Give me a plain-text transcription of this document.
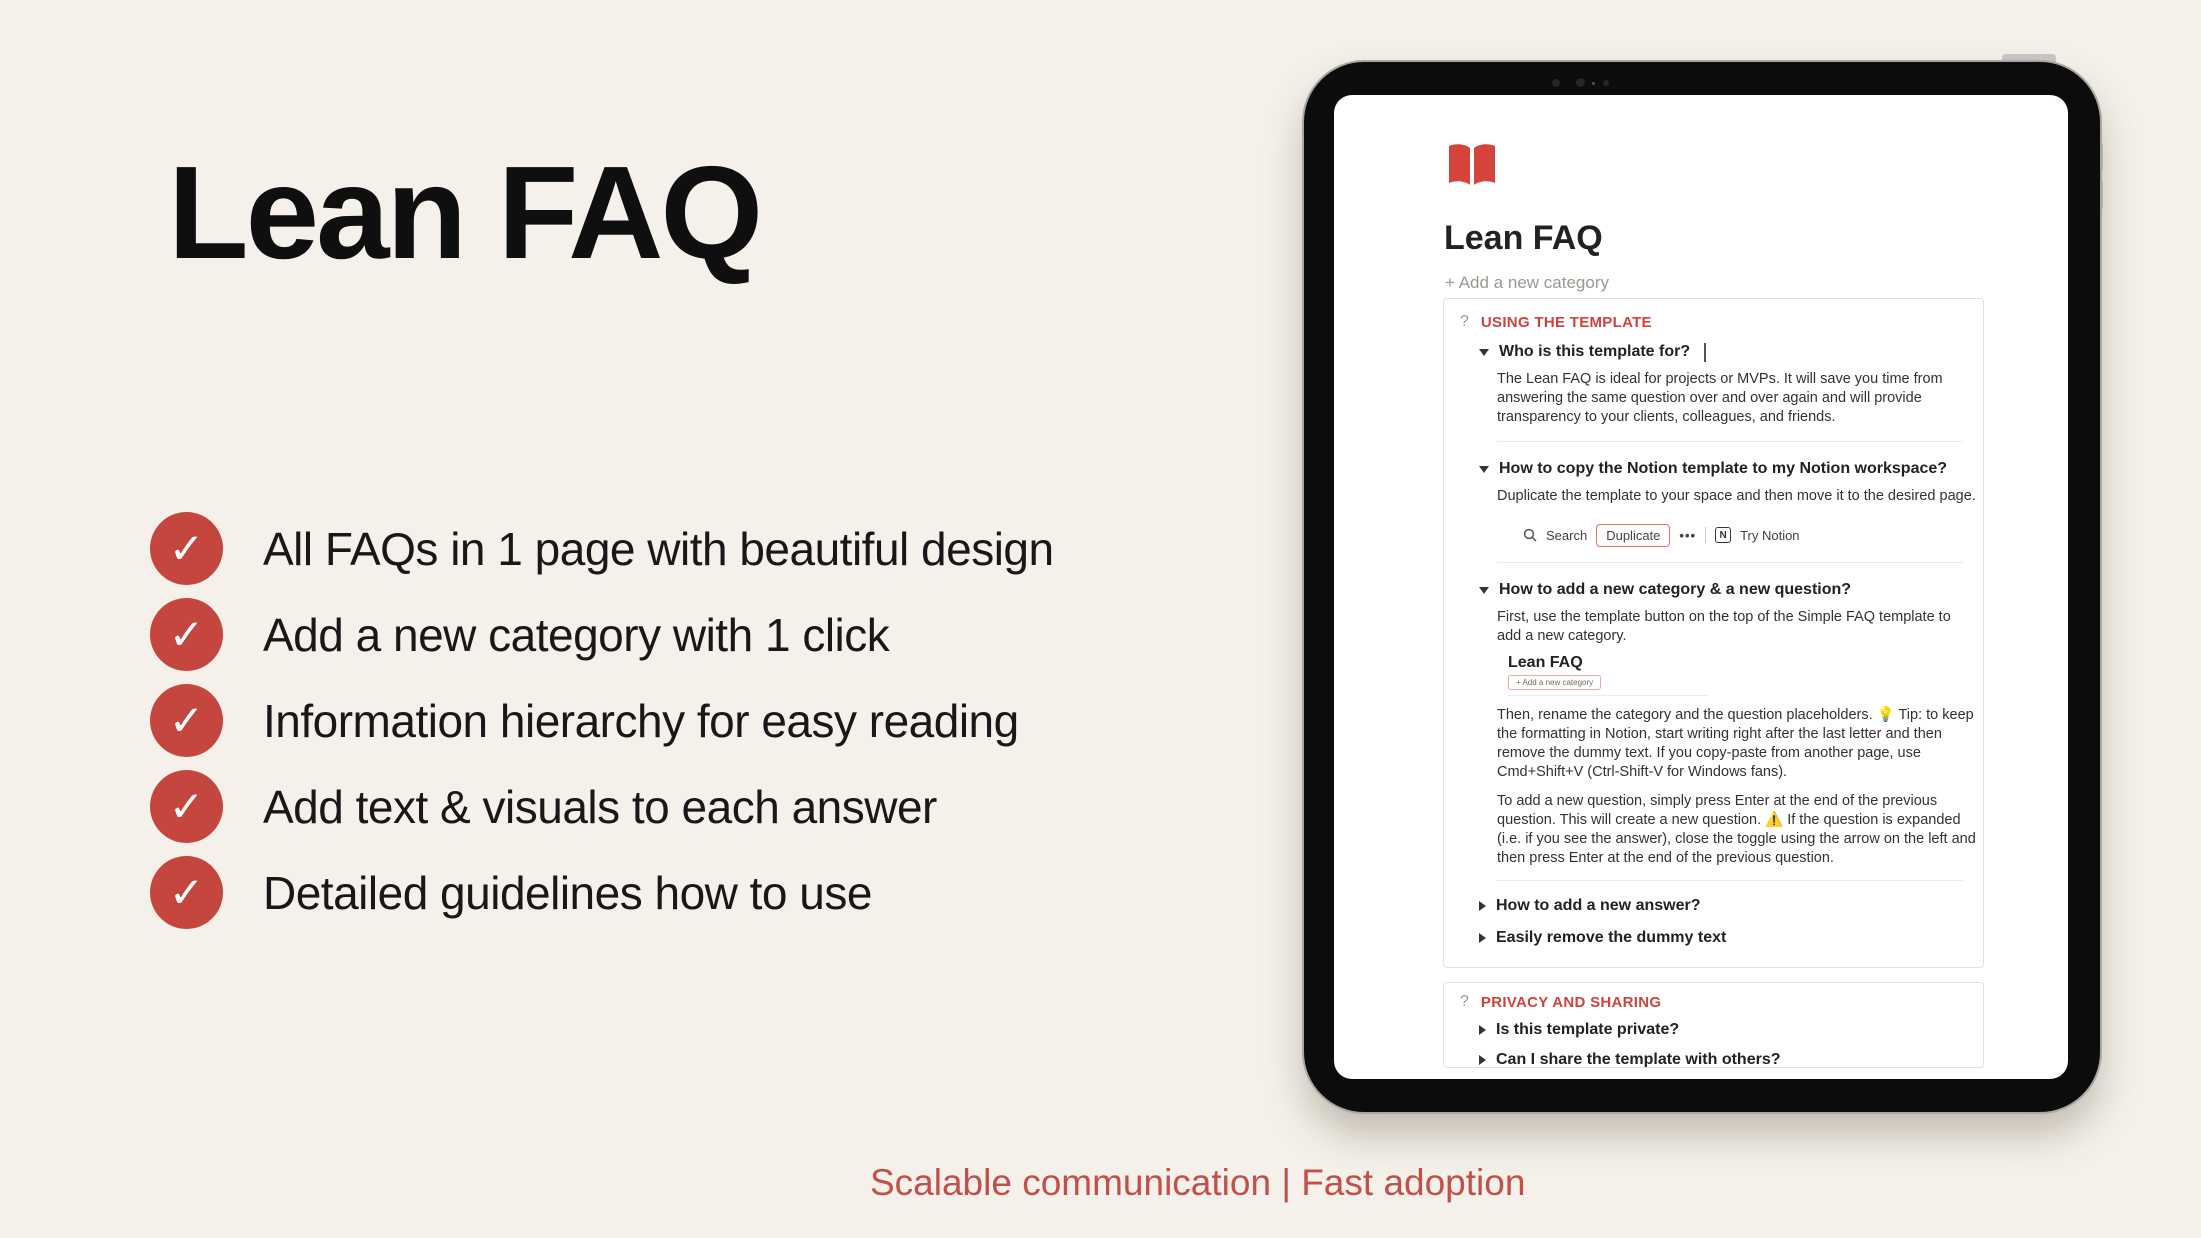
Lean FAQ
✓	All FAQs in 1 page with beautiful design
✓	Add a new category with 1 click
✓	Information hierarchy for easy reading
✓	Add text & visuals to each answer
✓	Detailed guidelines how to use
Scalable communication | Fast adoption
Lean FAQ
+ Add a new category
? USING THE TEMPLATE
Who is this template for?

The Lean FAQ is ideal for projects or MVPs. It will save you time from answering the same question over and over again and will provide transparency to your clients, colleagues, and friends.

How to copy the Notion template to my Notion workspace?

Duplicate the template to your space and then move it to the desired page.

Search	Duplicate	•••	N	Try Notion
How to add a new category & a new question?

First, use the template button on the top of the Simple FAQ template to add a new category.

Lean FAQ
+ Add a new category

Then, rename the category and the question placeholders. 💡 Tip: to keep the formatting in Notion, start writing right after the last letter and then remove the dummy text. If you copy-paste from another page, use Cmd+Shift+V (Ctrl-Shift-V for Windows fans).

To add a new question, simply press Enter at the end of the previous question. This will create a new question. ⚠️ If the question is expanded (i.e. if you see the answer), close the toggle using the arrow on the left and then press Enter at the end of the previous question.

How to add a new answer?
Easily remove the dummy text
? PRIVACY AND SHARING
Is this template private?
Can I share the template with others?
